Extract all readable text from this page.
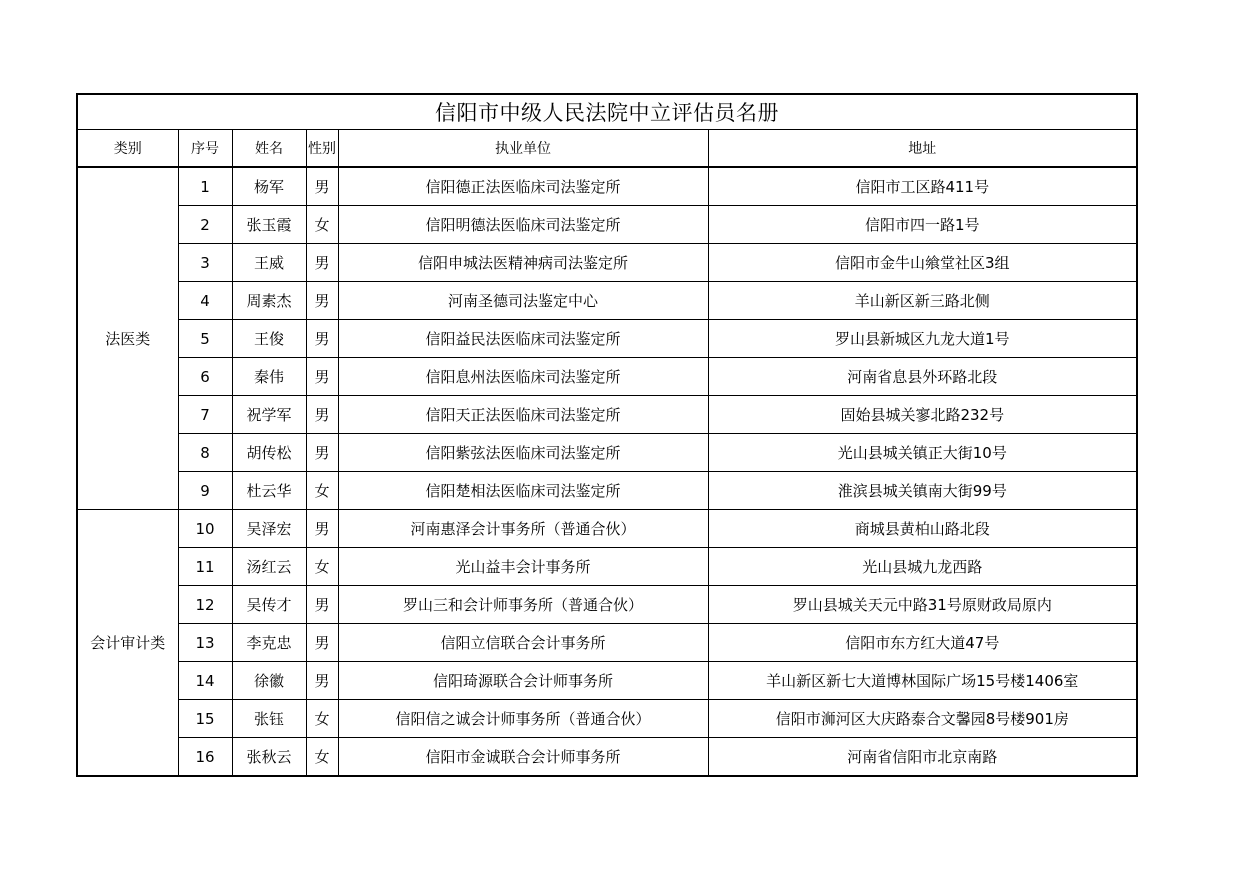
信阳市中级人民法院中立评估员名册					
类别	序号	姓名	性别	执业单位	地址
法医类	1	杨军	男	信阳德正法医临床司法鉴定所	信阳市工区路411号
	2	张玉霞	女	信阳明德法医临床司法鉴定所	信阳市四一路1号
	3	王威	男	信阳申城法医精神病司法鉴定所	信阳市金牛山飨堂社区3组
	4	周素杰	男	河南圣德司法鉴定中心	羊山新区新三路北侧
	5	王俊	男	信阳益民法医临床司法鉴定所	罗山县新城区九龙大道1号
	6	秦伟	男	信阳息州法医临床司法鉴定所	河南省息县外环路北段
	7	祝学军	男	信阳天正法医临床司法鉴定所	固始县城关寥北路232号
	8	胡传松	男	信阳紫弦法医临床司法鉴定所	光山县城关镇正大街10号
	9	杜云华	女	信阳楚相法医临床司法鉴定所	淮滨县城关镇南大街99号
会计审计类	10	吴泽宏	男	河南惠泽会计事务所（普通合伙）	商城县黄柏山路北段
	11	汤红云	女	光山益丰会计事务所	光山县城九龙西路
	12	吴传才	男	罗山三和会计师事务所（普通合伙）	罗山县城关天元中路31号原财政局原内
	13	李克忠	男	信阳立信联合会计事务所	信阳市东方红大道47号
	14	徐徽	男	信阳琦源联合会计师事务所	羊山新区新七大道博林国际广场15号楼1406室
	15	张钰	女	信阳信之诚会计师事务所（普通合伙）	信阳市浉河区大庆路泰合文馨园8号楼901房
	16	张秋云	女	信阳市金诚联合会计师事务所	河南省信阳市北京南路
